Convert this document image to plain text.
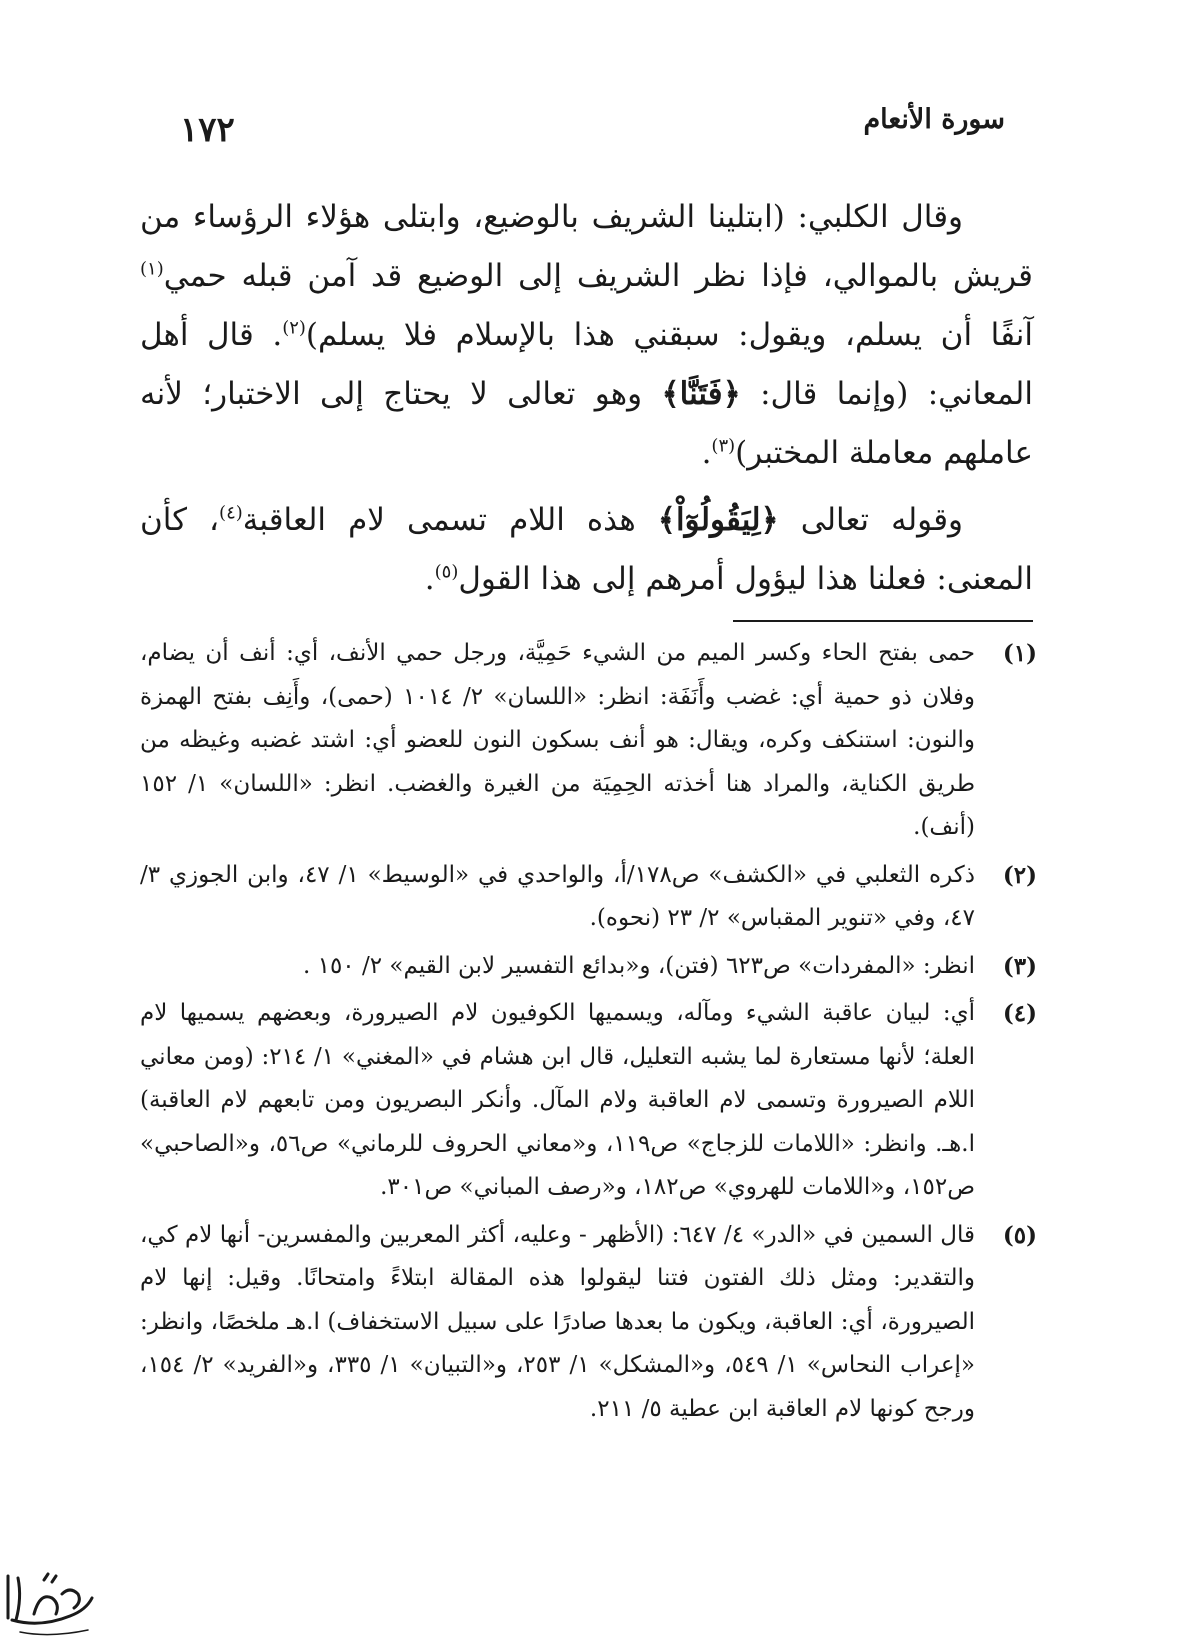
١٧٢	سورة الأنعام
وقال الكلبي: (ابتلينا الشريف بالوضيع، وابتلى هؤلاء الرؤساء من قريش بالموالي، فإذا نظر الشريف إلى الوضيع قد آمن قبله حمي$^{(١)}$ آنفًا أن يسلم، ويقول: سبقني هذا بالإسلام فلا يسلم)$^{(٢)}$. قال أهل المعاني: (وإنما قال: ﴿فَتَنَّا﴾ وهو تعالى لا يحتاج إلى الاختبار؛ لأنه عاملهم معاملة المختبر)$^{(٣)}$.
وقوله تعالى ﴿لِيَقُولُوٓاْ﴾ هذه اللام تسمى لام العاقبة$^{(٤)}$، كأن المعنى: فعلنا هذا ليؤول أمرهم إلى هذا القول$^{(٥)}$.
(١)
حمى بفتح الحاء وكسر الميم من الشيء حَمِيَّة، ورجل حمي الأنف، أي: أنف أن يضام، وفلان ذو حمية أي: غضب وأَنَفَة: انظر: «اللسان» ٢/ ١٠١٤ (حمى)، وأَنِف بفتح الهمزة والنون: استنكف وكره، ويقال: هو أنف بسكون النون للعضو أي: اشتد غضبه وغيظه من طريق الكناية، والمراد هنا أخذته الحِمِيَة من الغيرة والغضب. انظر: «اللسان» ١/ ١٥٢ (أنف).
(٢)
ذكره الثعلبي في «الكشف» ص١٧٨/أ، والواحدي في «الوسيط» ١/ ٤٧، وابن الجوزي ٣/ ٤٧، وفي «تنوير المقباس» ٢/ ٢٣ (نحوه).
(٣)
انظر: «المفردات» ص٦٢٣ (فتن)، و«بدائع التفسير لابن القيم» ٢/ ١٥٠ .
(٤)
أي: لبيان عاقبة الشيء ومآله، ويسميها الكوفيون لام الصيرورة، وبعضهم يسميها لام العلة؛ لأنها مستعارة لما يشبه التعليل، قال ابن هشام في «المغني» ١/ ٢١٤: (ومن معاني اللام الصيرورة وتسمى لام العاقبة ولام المآل. وأنكر البصريون ومن تابعهم لام العاقبة) ا.هـ. وانظر: «اللامات للزجاج» ص١١٩، و«معاني الحروف للرماني» ص٥٦، و«الصاحبي» ص١٥٢، و«اللامات للهروي» ص١٨٢، و«رصف المباني» ص٣٠١.
(٥)
قال السمين في «الدر» ٤/ ٦٤٧: (الأظهر - وعليه، أكثر المعربين والمفسرين- أنها لام كي، والتقدير: ومثل ذلك الفتون فتنا ليقولوا هذه المقالة ابتلاءً وامتحانًا. وقيل: إنها لام الصيرورة، أي: العاقبة، ويكون ما بعدها صادرًا على سبيل الاستخفاف) ا.هـ ملخصًا، وانظر: «إعراب النحاس» ١/ ٥٤٩، و«المشكل» ١/ ٢٥٣، و«التبيان» ١/ ٣٣٥، و«الفريد» ٢/ ١٥٤، ورجح كونها لام العاقبة ابن عطية ٥/ ٢١١.
